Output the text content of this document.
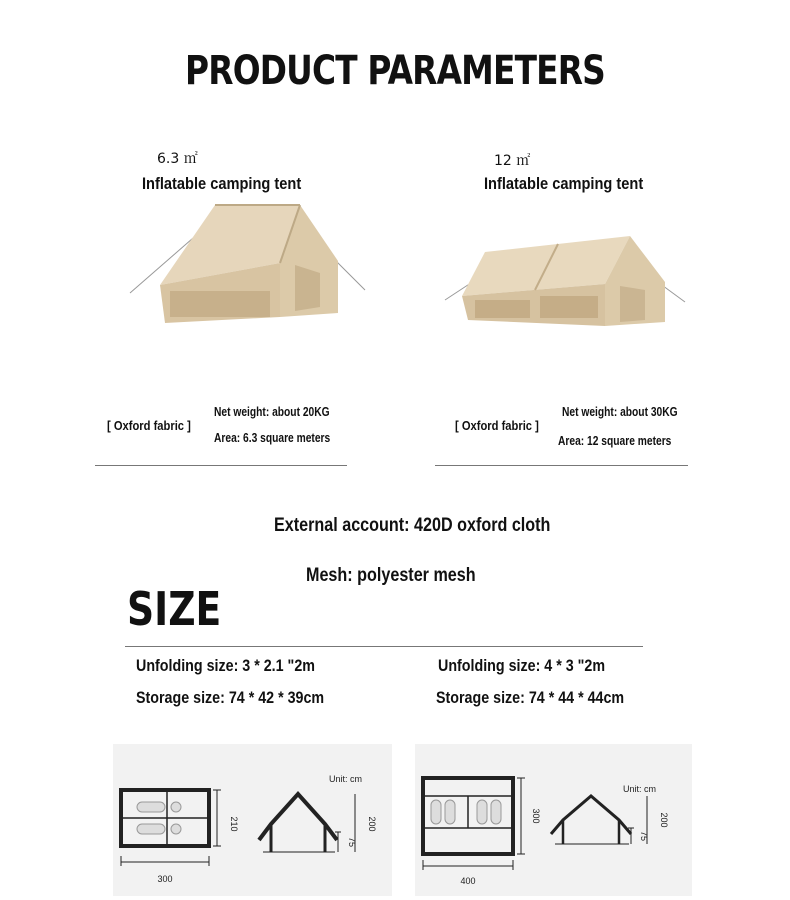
PRODUCT PARAMETERS
6.3 ㎡
Inflatable camping tent
12 ㎡
Inflatable camping tent
[ Oxford fabric ]
Net weight: about 20KG
Area: 6.3 square meters
[ Oxford fabric ]
Net weight: about 30KG
Area: 12 square meters
External account: 420D oxford cloth
Mesh: polyester mesh
SIZE
Unfolding size: 3 * 2.1 "2m
Storage size: 74 * 42 * 39cm
Unfolding size: 4 * 3 "2m
Storage size: 74 * 44 * 44cm
210
300
200
75
Unit: cm
300
400
200
75
Unit: cm
